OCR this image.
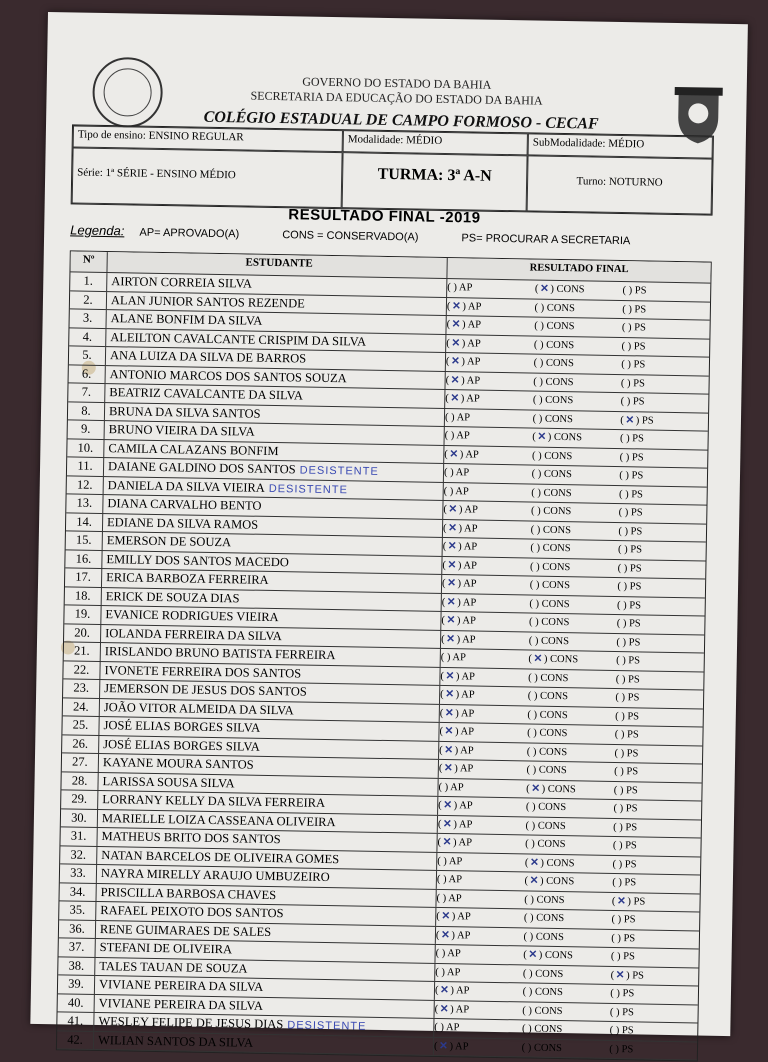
GOVERNO DO ESTADO DA BAHIA
SECRETARIA DA EDUCAÇÃO DO ESTADO DA BAHIA
COLÉGIO ESTADUAL DE CAMPO FORMOSO - CECAF
Tipo de ensino: ENSINO REGULAR	Modalidade: MÉDIO	SubModalidade: MÉDIO
Série: 1ª SÉRIE - ENSINO MÉDIO	TURMA: 3ª A-N	Turno: NOTURNO
RESULTADO FINAL -2019
Legenda: AP= APROVADO(A)	CONS = CONSERVADO(A)	PS= PROCURAR A SECRETARIA
Nº	ESTUDANTE	RESULTADO FINAL
1.	AIRTON CORREIA SILVA	( ) AP	(✕) CONS	( ) PS
2.	ALAN JUNIOR SANTOS REZENDE	(✕) AP	( ) CONS	( ) PS
3.	ALANE BONFIM DA SILVA	(✕) AP	( ) CONS	( ) PS
4.	ALEILTON CAVALCANTE CRISPIM DA SILVA	(✕) AP	( ) CONS	( ) PS
5.	ANA LUIZA DA SILVA DE BARROS	(✕) AP	( ) CONS	( ) PS
6.	ANTONIO MARCOS DOS SANTOS SOUZA	(✕) AP	( ) CONS	( ) PS
7.	BEATRIZ CAVALCANTE DA SILVA	(✕) AP	( ) CONS	( ) PS
8.	BRUNA DA SILVA SANTOS	( ) AP	( ) CONS	(✕) PS
9.	BRUNO VIEIRA DA SILVA	( ) AP	(✕) CONS	( ) PS
10.	CAMILA CALAZANS BONFIM	(✕) AP	( ) CONS	( ) PS
11.	DAIANE GALDINO DOS SANTOS DESISTENTE	( ) AP	( ) CONS	( ) PS
12.	DANIELA DA SILVA VIEIRA DESISTENTE	( ) AP	( ) CONS	( ) PS
13.	DIANA CARVALHO BENTO	(✕) AP	( ) CONS	( ) PS
14.	EDIANE DA SILVA RAMOS	(✕) AP	( ) CONS	( ) PS
15.	EMERSON DE SOUZA	(✕) AP	( ) CONS	( ) PS
16.	EMILLY DOS SANTOS MACEDO	(✕) AP	( ) CONS	( ) PS
17.	ERICA BARBOZA FERREIRA	(✕) AP	( ) CONS	( ) PS
18.	ERICK DE SOUZA DIAS	(✕) AP	( ) CONS	( ) PS
19.	EVANICE RODRIGUES VIEIRA	(✕) AP	( ) CONS	( ) PS
20.	IOLANDA FERREIRA DA SILVA	(✕) AP	( ) CONS	( ) PS
21.	IRISLANDO BRUNO BATISTA FERREIRA	( ) AP	(✕) CONS	( ) PS
22.	IVONETE FERREIRA DOS SANTOS	(✕) AP	( ) CONS	( ) PS
23.	JEMERSON DE JESUS DOS SANTOS	(✕) AP	( ) CONS	( ) PS
24.	JOÃO VITOR ALMEIDA DA SILVA	(✕) AP	( ) CONS	( ) PS
25.	JOSÉ ELIAS BORGES SILVA	(✕) AP	( ) CONS	( ) PS
26.	JOSÉ ELIAS BORGES SILVA	(✕) AP	( ) CONS	( ) PS
27.	KAYANE MOURA SANTOS	(✕) AP	( ) CONS	( ) PS
28.	LARISSA SOUSA SILVA	( ) AP	(✕) CONS	( ) PS
29.	LORRANY KELLY DA SILVA FERREIRA	(✕) AP	( ) CONS	( ) PS
30.	MARIELLE LOIZA CASSEANA OLIVEIRA	(✕) AP	( ) CONS	( ) PS
31.	MATHEUS BRITO DOS SANTOS	(✕) AP	( ) CONS	( ) PS
32.	NATAN BARCELOS DE OLIVEIRA GOMES	( ) AP	(✕) CONS	( ) PS
33.	NAYRA MIRELLY ARAUJO UMBUZEIRO	( ) AP	(✕) CONS	( ) PS
34.	PRISCILLA BARBOSA CHAVES	( ) AP	( ) CONS	(✕) PS
35.	RAFAEL PEIXOTO DOS SANTOS	(✕) AP	( ) CONS	( ) PS
36.	RENE GUIMARAES DE SALES	(✕) AP	( ) CONS	( ) PS
37.	STEFANI DE OLIVEIRA	( ) AP	(✕) CONS	( ) PS
38.	TALES TAUAN DE SOUZA	( ) AP	( ) CONS	(✕) PS
39.	VIVIANE PEREIRA DA SILVA	(✕) AP	( ) CONS	( ) PS
40.	VIVIANE PEREIRA DA SILVA	(✕) AP	( ) CONS	( ) PS
41.	WESLEY FELIPE DE JESUS DIAS DESISTENTE	( ) AP	( ) CONS	( ) PS
42.	WILIAN SANTOS DA SILVA	(✕) AP	( ) CONS	( ) PS
